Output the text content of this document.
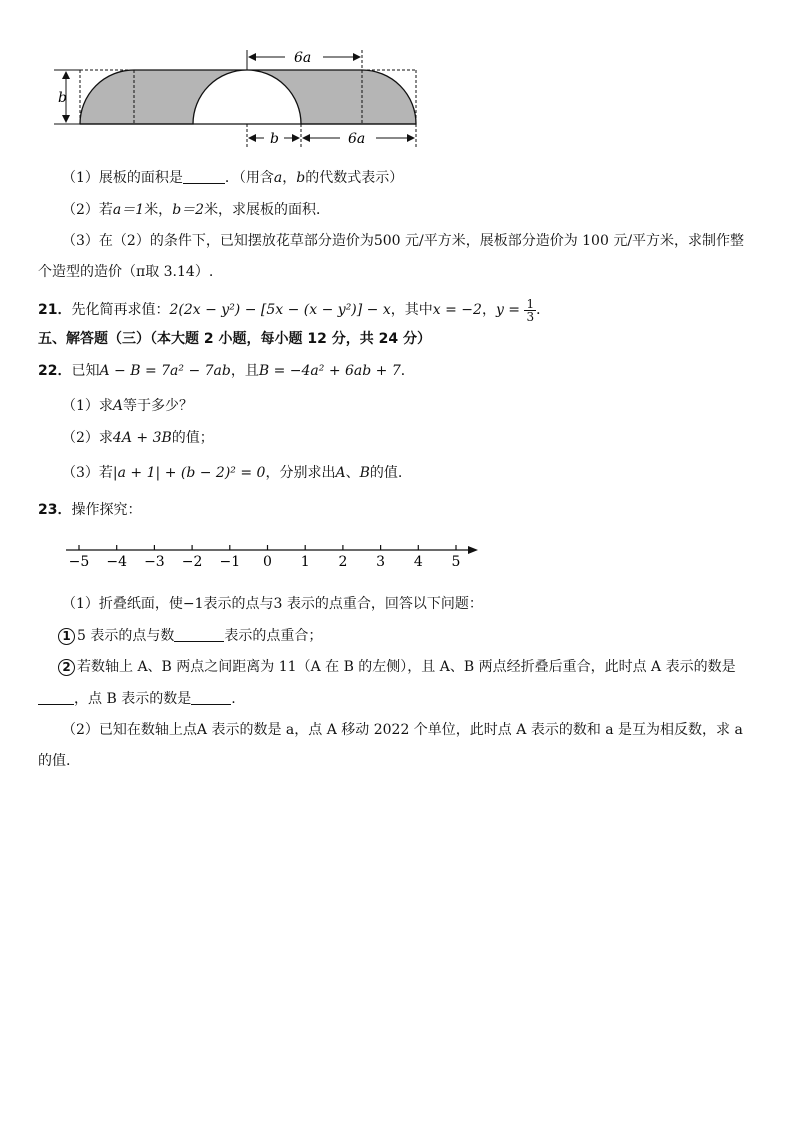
b
6a
b	6a
（1）展板的面积是	．（用含a，b的代数式表示）
（2）若a＝1米，b＝2米，求展板的面积．
（3）在（2）的条件下，已知摆放花草部分造价为500 元/平方米，展板部分造价为 100 元/平方米，求制作整
个造型的造价（π取 3.14）.
21．先化简再求值：2(2x − y²) − [5x − (x − y²)] − x，其中x = −2，$y = \frac{1}{3}$ ．
五、解答题（三）（本大题 2 小题，每小题 12 分，共 24 分）
22．已知A − B = 7a² − 7ab，且B = −4a² + 6ab + 7．
（1）求A等于多少？
（2）求4A + 3B的值；
（3）若|a + 1| + (b − 2)² = 0，分别求出A、B的值.
23．操作探究：
−5 −4 −3 −2 −1 0 1 2 3 4 5
（1）折叠纸面，使−1表示的点与3 表示的点重合，回答以下问题：
1 5 表示的点与数	表示的点重合；
2 若数轴上 A、B 两点之间距离为 11（A 在 B 的左侧），且 A、B 两点经折叠后重合，此时点 A 表示的数是
，点 B 表示的数是	.
（2）已知在数轴上点A 表示的数是 a，点 A 移动 2022 个单位，此时点 A 表示的数和 a 是互为相反数，求 a
的值.
